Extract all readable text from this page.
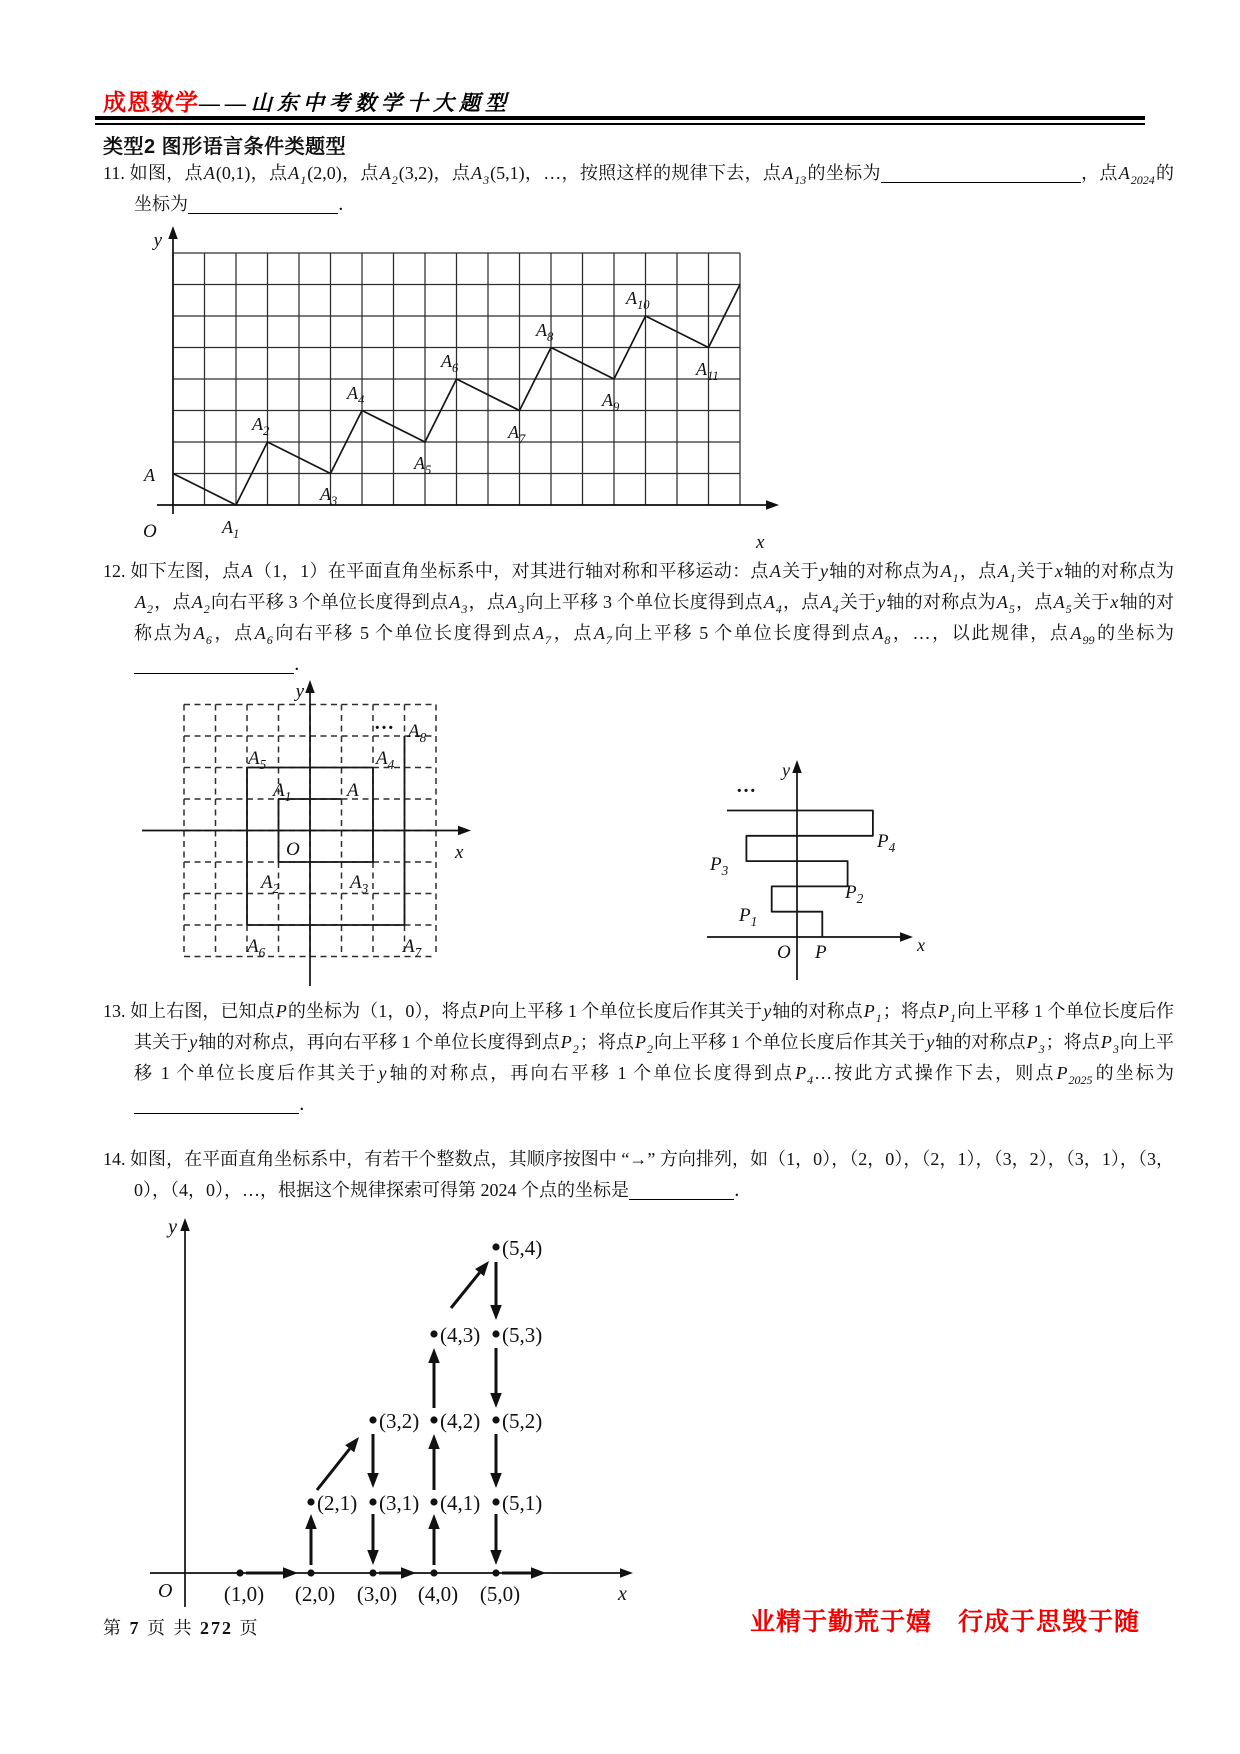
成恩数学——山东中考数学十大题型
类型2 图形语言条件类题型
11. 如图，点A(0,1)，点$A_1(2,0)$，点$A_2(3,2)$，点$A_3(5,1)$，…，按照这样的规律下去，点$A_{13}$的坐标为	，点$A_{2024}$的坐标为	．
12. 如下左图，点A（1，1）在平面直角坐标系中，对其进行轴对称和平移运动：点A关于y轴的对称点为$A_1$，点$A_1$关于x轴的对称点为$A_2$，点$A_2$向右平移 3 个单位长度得到点$A_3$，点$A_3$向上平移 3 个单位长度得到点$A_4$，点$A_4$关于y轴的对称点为$A_5$，点$A_5$关于x轴的对称点为$A_6$，点$A_6$向右平移 5 个单位长度得到点$A_7$，点$A_7$向上平移 5 个单位长度得到点$A_8$，…，以此规律，点$A_{99}$的坐标为．
13. 如上右图，已知点P的坐标为（1，0），将点P向上平移 1 个单位长度后作其关于y轴的对称点$P_1$；将点$P_1$向上平移 1 个单位长度后作其关于y轴的对称点，再向右平移 1 个单位长度得到点$P_2$；将点$P_2$向上平移 1 个单位长度后作其关于y轴的对称点$P_3$；将点$P_3$向上平移 1 个单位长度后作其关于y轴的对称点，再向右平移 1 个单位长度得到点$P_4\dots$按此方式操作下去，则点$P_{2025}$的坐标为．
14. 如图，在平面直角坐标系中，有若干个整数点，其顺序按图中 “→” 方向排列，如（1，0），（2，0），（2，1），（3，2），（3，1），（3，0），（4，0），…，根据这个规律探索可得第 2024 个点的坐标是	．
y
x
O
A
$A_1$
$A_2$
$A_3$
$A_4$
$A_5$
$A_6$
$A_7$
$A_8$
$A_9$
$A_{10}$
$A_{11}$
y
x
O
$A_1$	A
$A_2$	$A_3$
$A_4$
$A_5$
$A_6$	$A_7$
$A_8$
…
y
x
…
$P_4$
$P_3$
$P_2$
$P_1$
O P
y
x
O (1,0) (2,0) (3,0) (4,0) (5,0)
(2,1) (3,1) (4,1) (5,1)
(3,2) (4,2) (5,2)
(4,3) (5,3)
(5,4)
第 7 页 共 272 页	业精于勤荒于嬉　行成于思毁于随
